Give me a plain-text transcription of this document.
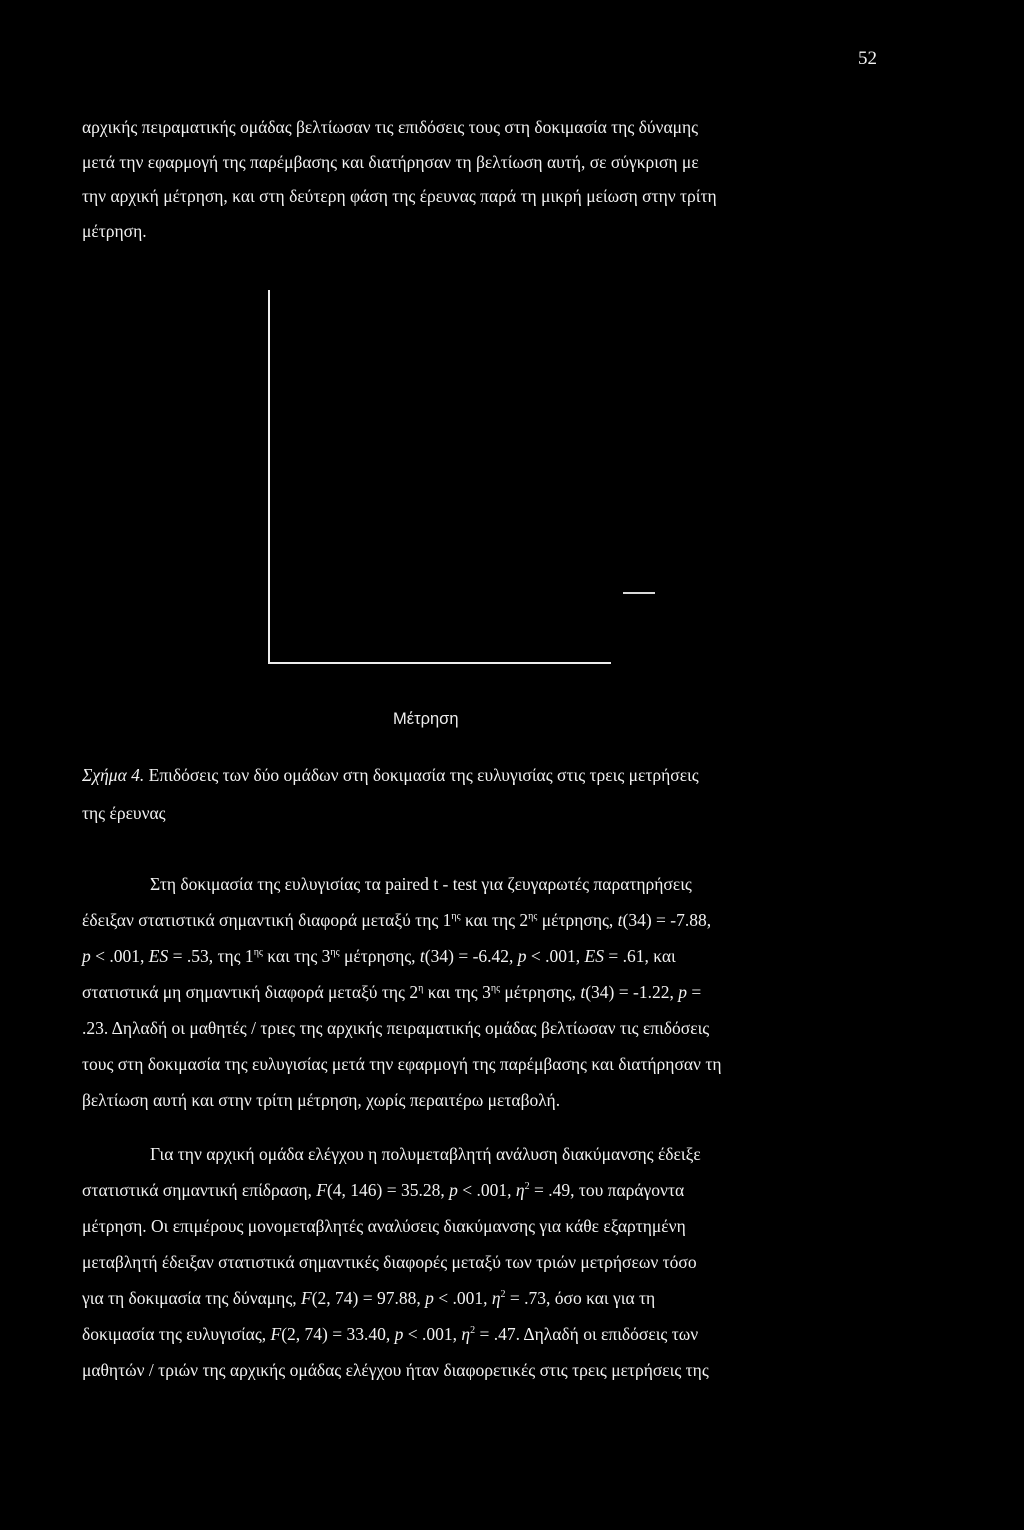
52
αρχικής πειραματικής ομάδας βελτίωσαν τις επιδόσεις τους στη δοκιμασία της δύναμης
μετά την εφαρμογή της παρέμβασης και διατήρησαν τη βελτίωση αυτή, σε σύγκριση με
την αρχική μέτρηση, και στη δεύτερη φάση της έρευνας παρά τη μικρή μείωση στην τρίτη
μέτρηση.
Μέτρηση
Σχήμα 4. Επιδόσεις των δύο ομάδων στη δοκιμασία της ευλυγισίας στις τρεις μετρήσεις
της έρευνας
Στη δοκιμασία της ευλυγισίας τα paired t - test για ζευγαρωτές παρατηρήσεις
έδειξαν στατιστικά σημαντική διαφορά μεταξύ της $1^{\eta\varsigma}$ και της $2^{\eta\varsigma}$ μέτρησης, t(34) = -7.88,
p < .001, ES = .53, της $1^{\eta\varsigma}$ και της $3^{\eta\varsigma}$ μέτρησης, t(34) = -6.42, p < .001, ES = .61, και
στατιστικά μη σημαντική διαφορά μεταξύ της $2^\eta$ και της $3^{\eta\varsigma}$ μέτρησης, t(34) = -1.22, p =
.23. Δηλαδή οι μαθητές / τριες της αρχικής πειραματικής ομάδας βελτίωσαν τις επιδόσεις
τους στη δοκιμασία της ευλυγισίας μετά την εφαρμογή της παρέμβασης και διατήρησαν τη
βελτίωση αυτή και στην τρίτη μέτρηση, χωρίς περαιτέρω μεταβολή.
Για την αρχική ομάδα ελέγχου η πολυμεταβλητή ανάλυση διακύμανσης έδειξε
στατιστικά σημαντική επίδραση, F(4, 146) = 35.28, p < .001, $\eta^2 = .49$, του παράγοντα
μέτρηση. Οι επιμέρους μονομεταβλητές αναλύσεις διακύμανσης για κάθε εξαρτημένη
μεταβλητή έδειξαν στατιστικά σημαντικές διαφορές μεταξύ των τριών μετρήσεων τόσο
για τη δοκιμασία της δύναμης, F(2, 74) = 97.88, p < .001, $\eta^2 = .73$, όσο και για τη
δοκιμασία της ευλυγισίας, F(2, 74) = 33.40, p < .001, $\eta^2 = .47$. Δηλαδή οι επιδόσεις των
μαθητών / τριών της αρχικής ομάδας ελέγχου ήταν διαφορετικές στις τρεις μετρήσεις της
